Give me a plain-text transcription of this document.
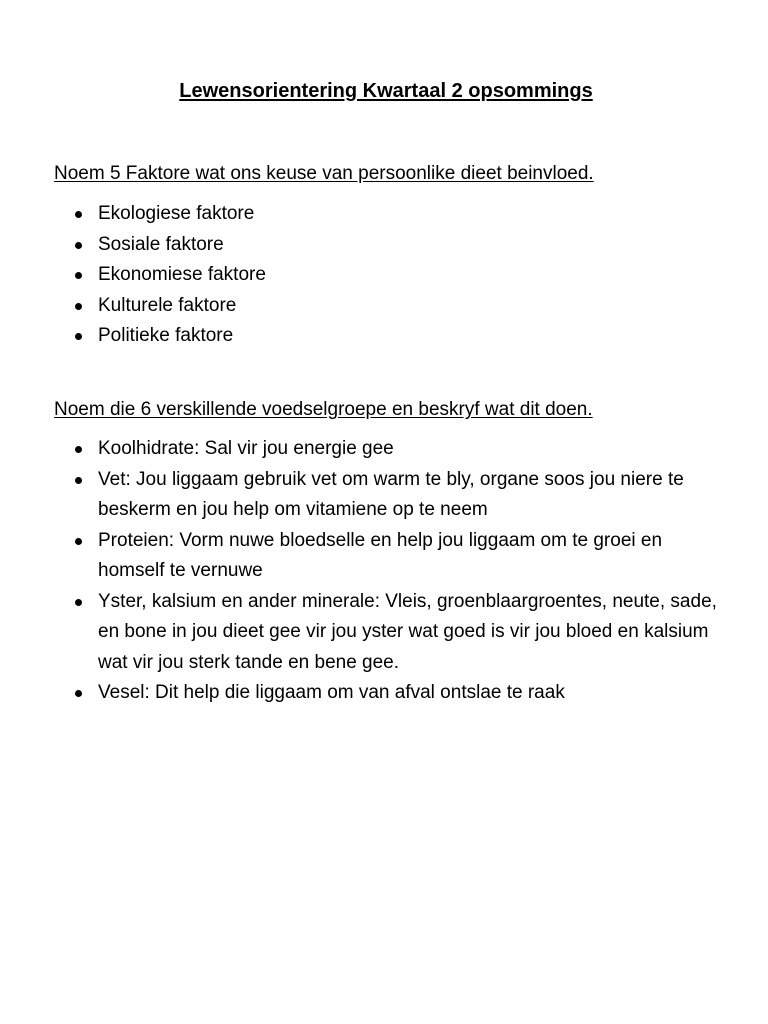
Lewensorientering Kwartaal 2 opsommings

Noem 5 Faktore wat ons keuse van persoonlike dieet beinvloed.

Ekologiese faktore
Sosiale faktore
Ekonomiese faktore
Kulturele faktore
Politieke faktore

Noem die 6 verskillende voedselgroepe en beskryf wat dit doen.

Koolhidrate: Sal vir jou energie gee
Vet: Jou liggaam gebruik vet om warm te bly, organe soos jou niere te beskerm en jou help om vitamiene op te neem
Proteien: Vorm nuwe bloedselle en help jou liggaam om te groei en homself te vernuwe
Yster, kalsium en ander minerale: Vleis, groenblaargroentes, neute, sade, en bone in jou dieet gee vir jou yster wat goed is vir jou bloed en kalsium wat vir jou sterk tande en bene gee.
Vesel: Dit help die liggaam om van afval ontslae te raak
